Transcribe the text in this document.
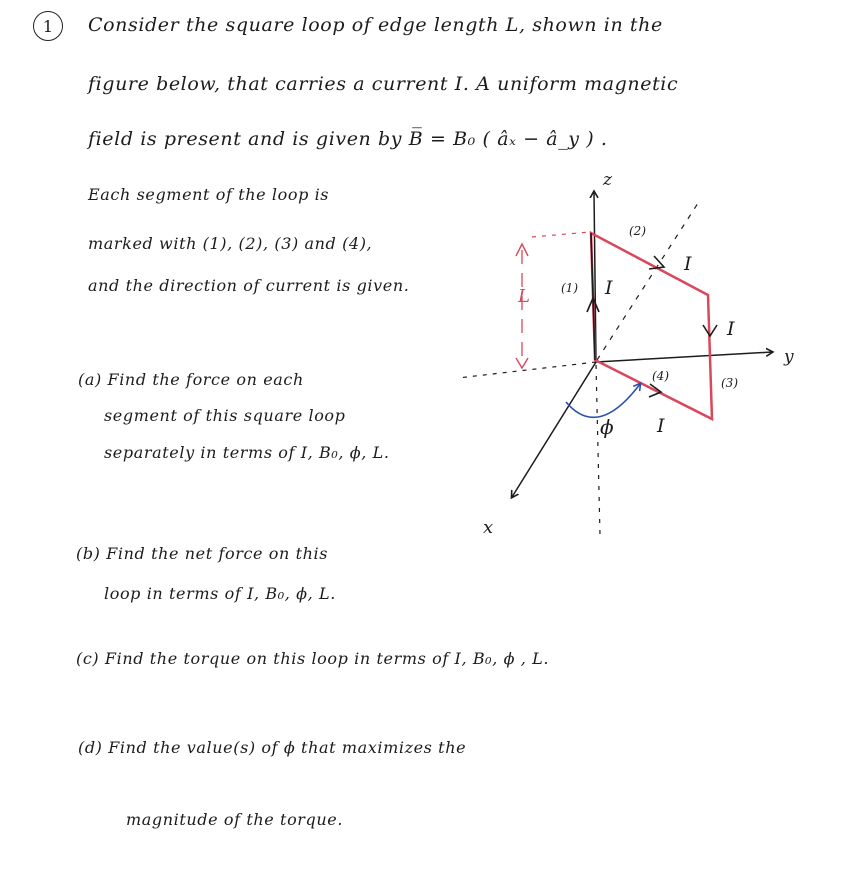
1 Consider the square loop of edge length L, shown in the
figure below, that carries a current I. A uniform magnetic
field is present and is given by B̅ = B₀ ( âₓ − â_y ) .
Each segment of the loop is
marked with (1), (2), (3) and (4),
and the direction of current is given.
(a) Find the force on each
segment of this square loop
separately in terms of I, B₀, ϕ, L.
(b) Find the net force on this
loop in terms of I, B₀, ϕ, L.
(c) Find the torque on this loop in terms of I, B₀, ϕ , L.
(d) Find the value(s) of ϕ that maximizes the
magnitude of the torque.
z
y
x
(1)
(2)
(3)
(4)
I
I
I
I
L
ϕ
